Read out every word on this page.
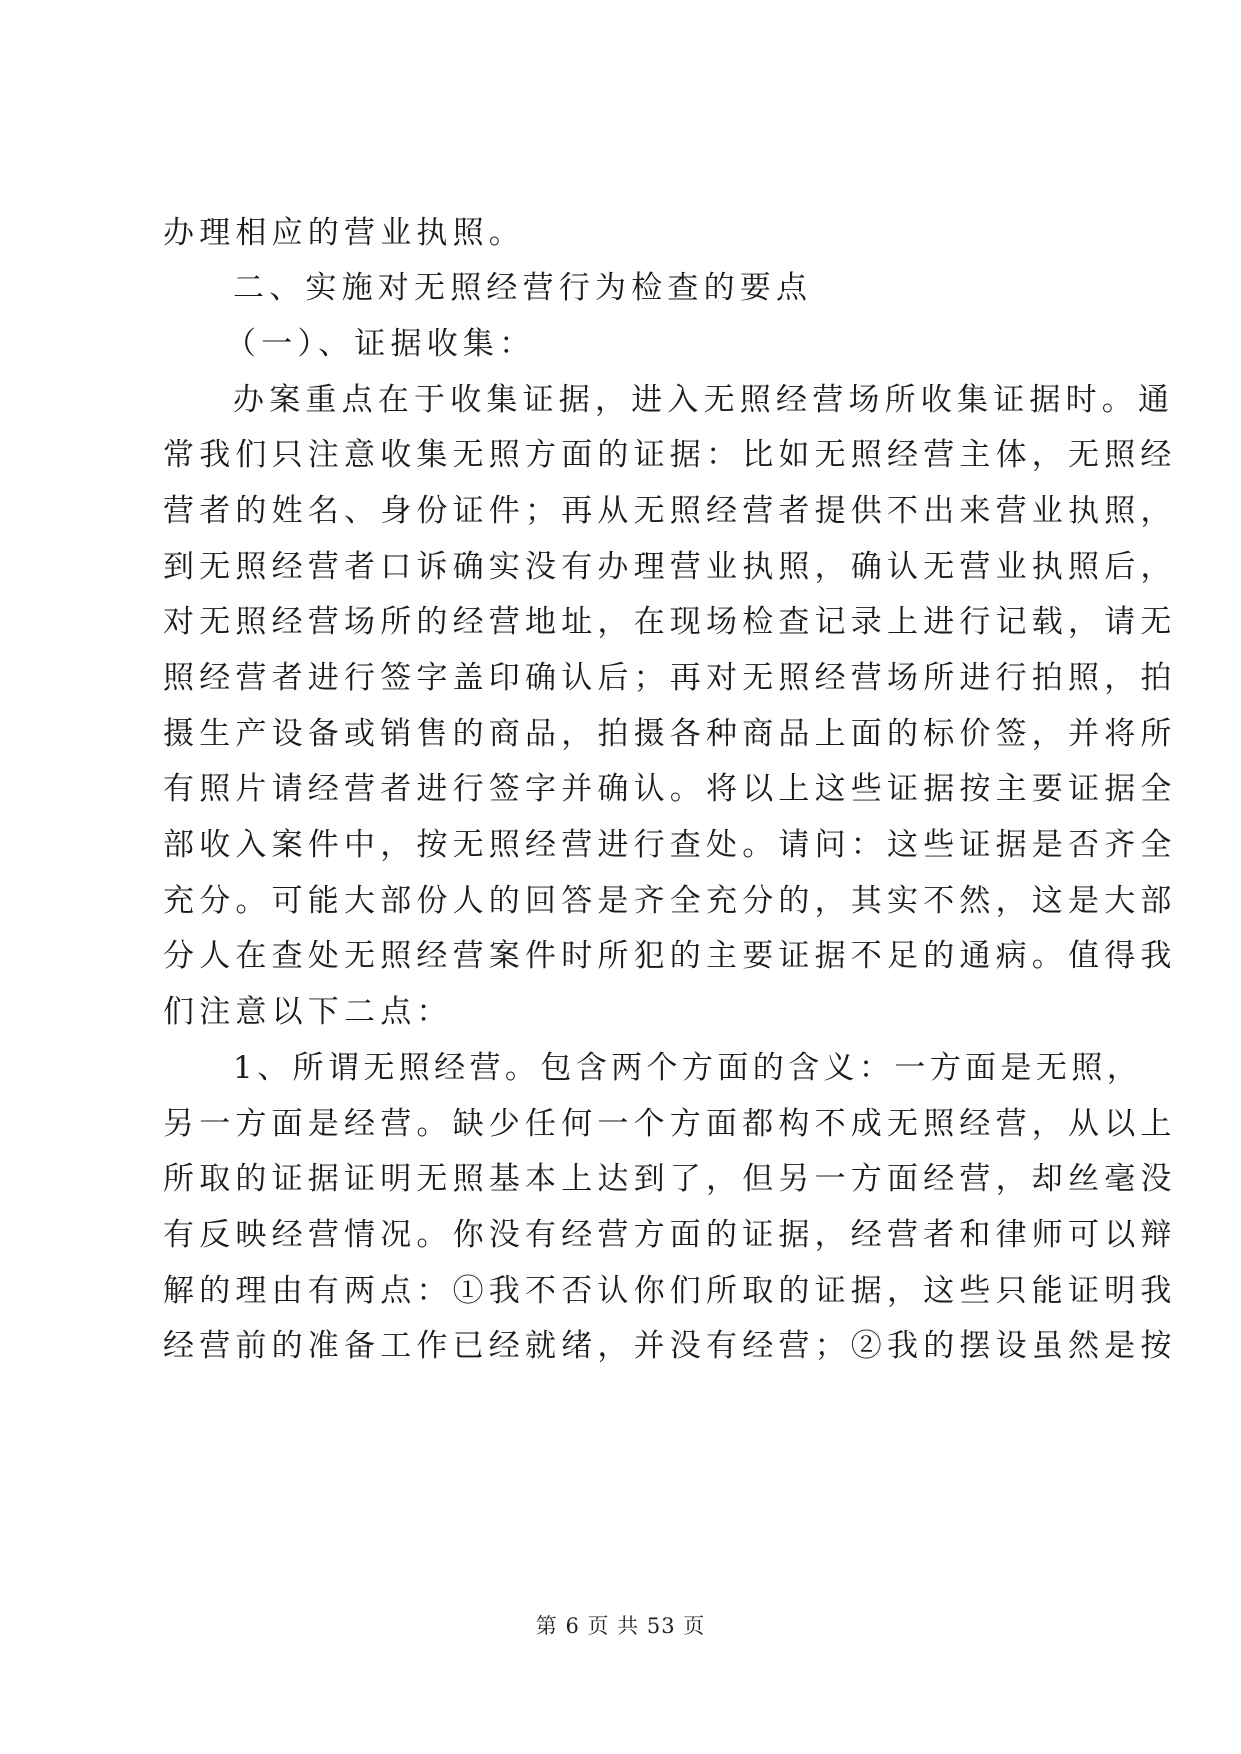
办理相应的营业执照。
二、实施对无照经营行为检查的要点
（一）、证据收集：
办案重点在于收集证据，进入无照经营场所收集证据时。通
常我们只注意收集无照方面的证据：比如无照经营主体，无照经
营者的姓名、身份证件；再从无照经营者提供不出来营业执照，
到无照经营者口诉确实没有办理营业执照，确认无营业执照后，
对无照经营场所的经营地址，在现场检查记录上进行记载，请无
照经营者进行签字盖印确认后；再对无照经营场所进行拍照，拍
摄生产设备或销售的商品，拍摄各种商品上面的标价签，并将所
有照片请经营者进行签字并确认。将以上这些证据按主要证据全
部收入案件中，按无照经营进行查处。请问：这些证据是否齐全
充分。可能大部份人的回答是齐全充分的，其实不然，这是大部
分人在查处无照经营案件时所犯的主要证据不足的通病。值得我
们注意以下二点：
1、所谓无照经营。包含两个方面的含义：一方面是无照，
另一方面是经营。缺少任何一个方面都构不成无照经营，从以上
所取的证据证明无照基本上达到了，但另一方面经营，却丝毫没
有反映经营情况。你没有经营方面的证据，经营者和律师可以辩
解的理由有两点：①我不否认你们所取的证据，这些只能证明我
经营前的准备工作已经就绪，并没有经营；②我的摆设虽然是按
第 6 页 共 53 页
